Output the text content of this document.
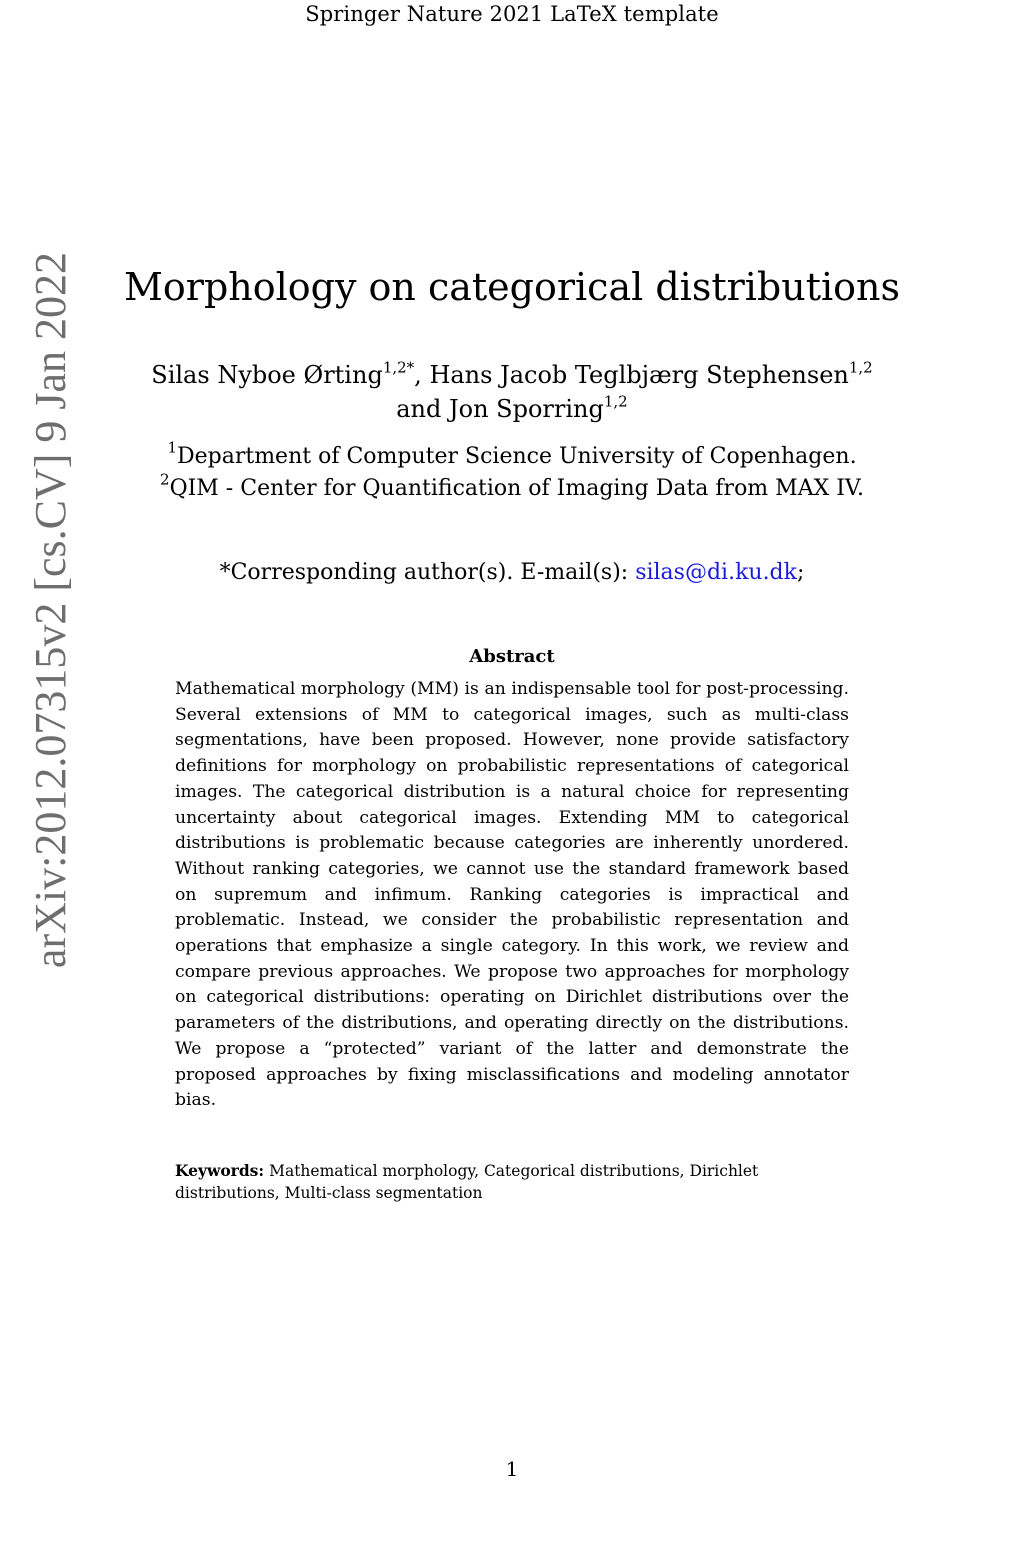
Springer Nature 2021 LaTeX template
arXiv:2012.07315v2 [cs.CV] 9 Jan 2022	Morphology on categorical distributions
Silas Nyboe Ørting$^{1,2*}$, Hans Jacob Teglbjærg Stephensen$^{1,2}$ and Jon Sporring$^{1,2}$
$^1$Department of Computer Science University of Copenhagen.
$^2$QIM - Center for Quantification of Imaging Data from MAX IV.
*Corresponding author(s). E-mail(s): silas@di.ku.dk;
Abstract
Mathematical morphology (MM) is an indispensable tool for post-processing. Several extensions of MM to categorical images, such as multi-class segmentations, have been proposed. However, none provide satisfactory definitions for morphology on probabilistic representations of categorical images. The categorical distribution is a natural choice for representing uncertainty about categorical images. Extending MM to categorical distributions is problematic because categories are inherently unordered. Without ranking categories, we cannot use the standard framework based on supremum and infimum. Ranking categories is impractical and problematic. Instead, we consider the probabilistic representation and operations that emphasize a single category. In this work, we review and compare previous approaches. We propose two approaches for morphology on categorical distributions: operating on Dirichlet distributions over the parameters of the distributions, and operating directly on the distributions. We propose a “protected” variant of the latter and demonstrate the proposed approaches by fixing misclassifications and modeling annotator bias.
Keywords: Mathematical morphology, Categorical distributions, Dirichlet distributions, Multi-class segmentation
1
